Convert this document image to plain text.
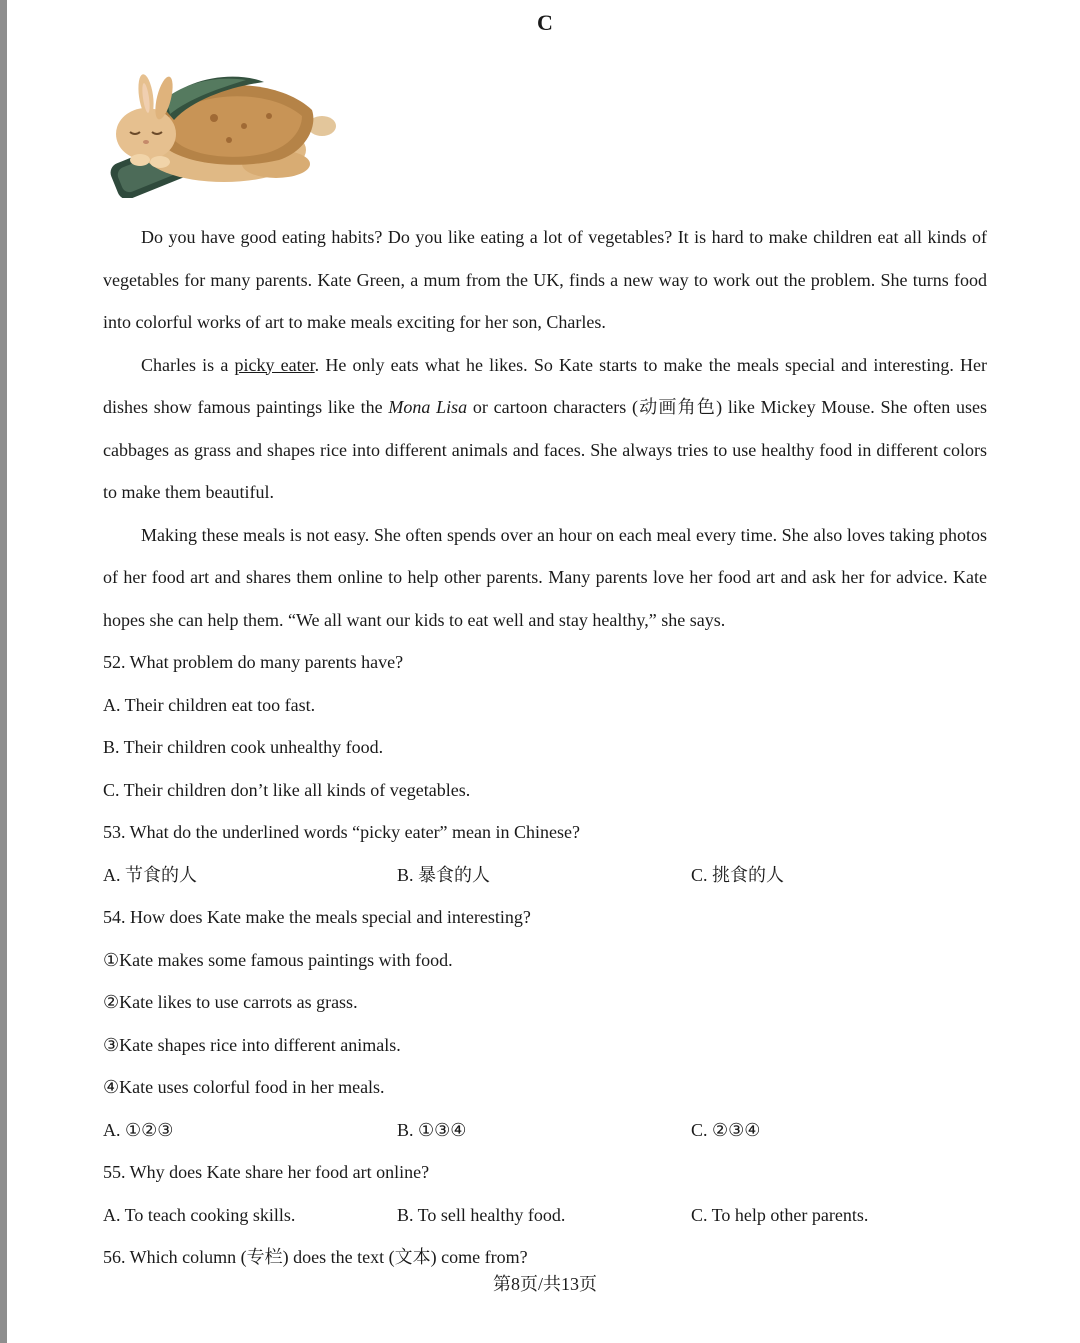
C

Do you have good eating habits? Do you like eating a lot of vegetables? It is hard to make children eat all kinds of vegetables for many parents. Kate Green, a mum from the UK, finds a new way to work out the problem. She turns food into colorful works of art to make meals exciting for her son, Charles.

Charles is a picky eater. He only eats what he likes. So Kate starts to make the meals special and interesting. Her dishes show famous paintings like the Mona Lisa or cartoon characters (动画角色) like Mickey Mouse. She often uses cabbages as grass and shapes rice into different animals and faces. She always tries to use healthy food in different colors to make them beautiful.

Making these meals is not easy. She often spends over an hour on each meal every time. She also loves taking photos of her food art and shares them online to help other parents. Many parents love her food art and ask her for advice. Kate hopes she can help them. “We all want our kids to eat well and stay healthy,” she says.

52. What problem do many parents have?

A. Their children eat too fast.

B. Their children cook unhealthy food.

C. Their children don’t like all kinds of vegetables.

53. What do the underlined words “picky eater” mean in Chinese?

A. 节食的人	B. 暴食的人	C. 挑食的人

54. How does Kate make the meals special and interesting?

①Kate makes some famous paintings with food.

②Kate likes to use carrots as grass.

③Kate shapes rice into different animals.

④Kate uses colorful food in her meals.

A. ①②③	B. ①③④	C. ②③④

55. Why does Kate share her food art online?

A. To teach cooking skills.	B. To sell healthy food.	C. To help other parents.

56. Which column (专栏) does the text (文本) come from?

第8页/共13页
